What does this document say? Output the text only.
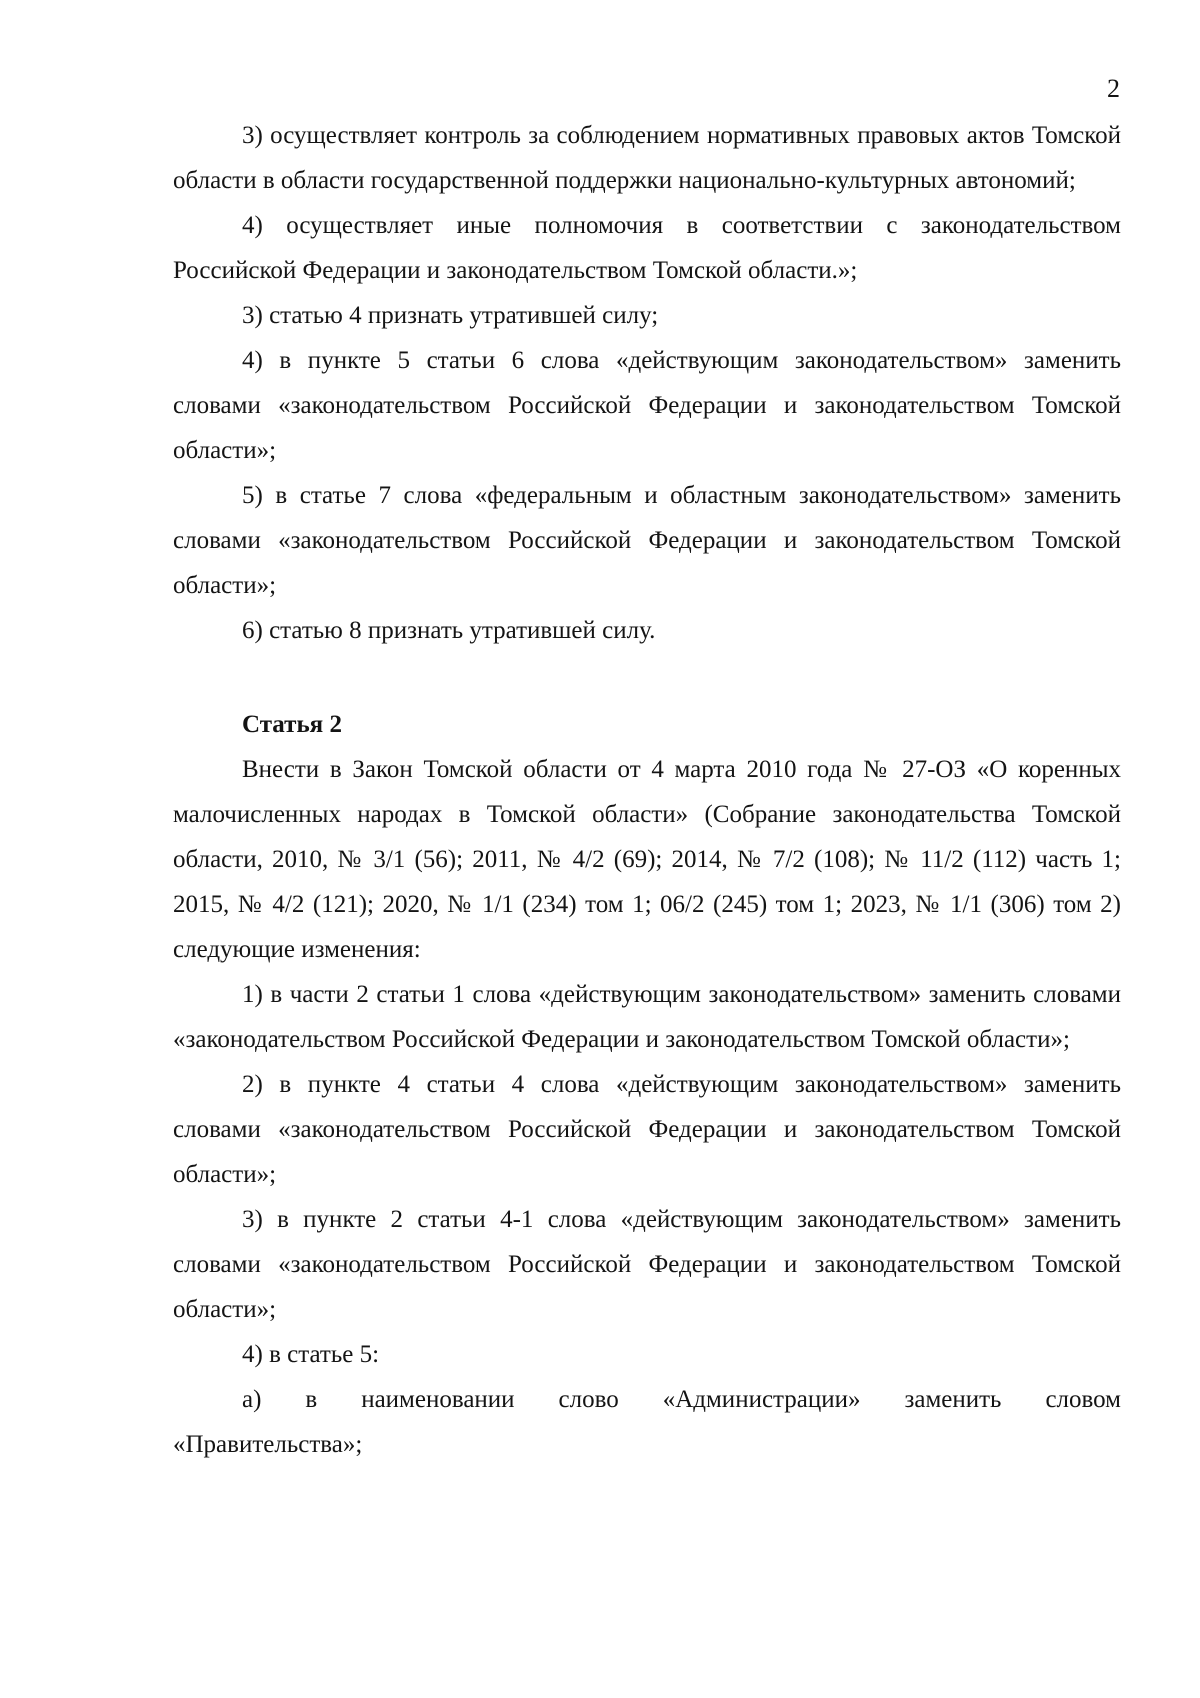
2

3) осуществляет контроль за соблюдением нормативных правовых актов Томской области в области государственной поддержки национально-культурных автономий;

4) осуществляет иные полномочия в соответствии с законодательством Российской Федерации и законодательством Томской области.»;

3) статью 4 признать утратившей силу;

4) в пункте 5 статьи 6 слова «действующим законодательством» заменить словами «законодательством Российской Федерации и законодательством Томской области»;

5) в статье 7 слова «федеральным и областным законодательством» заменить словами «законодательством Российской Федерации и законодательством Томской области»;

6) статью 8 признать утратившей силу.

Статья 2

Внести в Закон Томской области от 4 марта 2010 года № 27-ОЗ «О коренных малочисленных народах в Томской области» (Собрание законодательства Томской области, 2010, № 3/1 (56); 2011, № 4/2 (69); 2014, № 7/2 (108); № 11/2 (112) часть 1; 2015, № 4/2 (121); 2020, № 1/1 (234) том 1; 06/2 (245) том 1; 2023, № 1/1 (306) том 2) следующие изменения:

1) в части 2 статьи 1 слова «действующим законодательством» заменить словами «законодательством Российской Федерации и законодательством Томской области»;

2) в пункте 4 статьи 4 слова «действующим законодательством» заменить словами «законодательством Российской Федерации и законодательством Томской области»;

3) в пункте 2 статьи 4-1 слова «действующим законодательством» заменить словами «законодательством Российской Федерации и законодательством Томской области»;

4) в статье 5:

а) в наименовании слово «Администрации» заменить словом «Правительства»;
